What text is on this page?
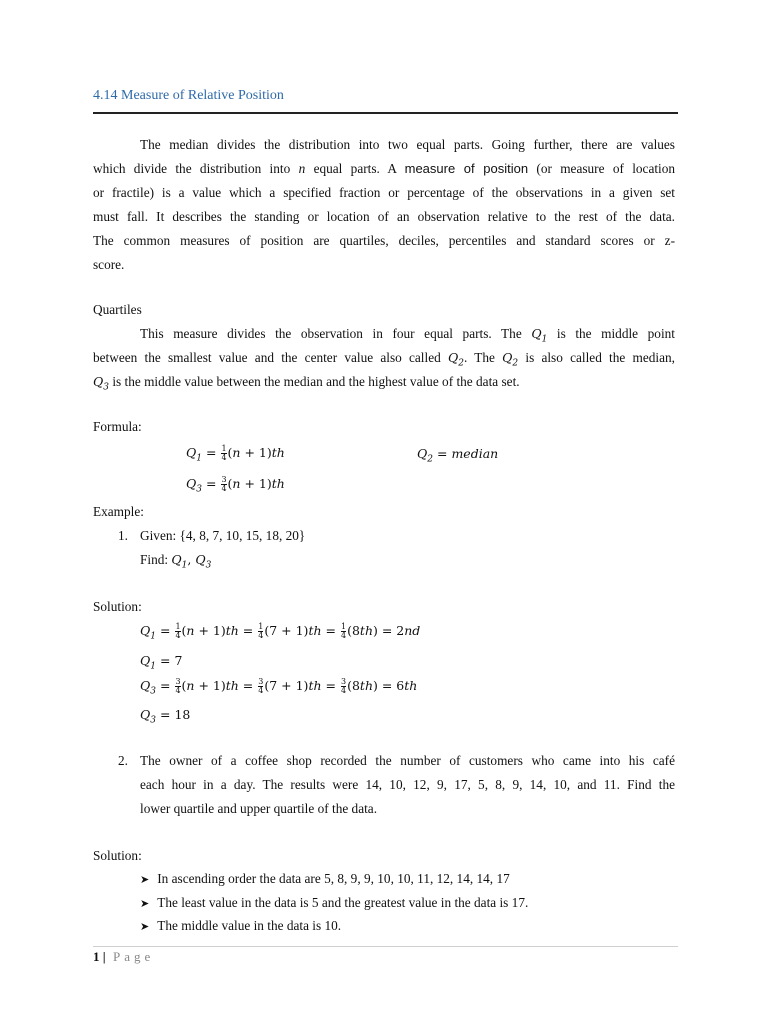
4.14 Measure of Relative Position
The median divides the distribution into two equal parts. Going further, there are values
which divide the distribution into n equal parts. A measure of position (or measure of location
or fractile) is a value which a specified fraction or percentage of the observations in a given set
must fall. It describes the standing or location of an observation relative to the rest of the data.
The common measures of position are quartiles, deciles, percentiles and standard scores or z-
score.
Quartiles
This measure divides the observation in four equal parts. The $Q_1$ is the middle point
between the smallest value and the center value also called $Q_2$. The $Q_2$ is also called the median,
$Q_3$ is the middle value between the median and the highest value of the data set.
Formula:
$Q_1 = \frac{1}{4} (n + 1)th$	$Q_2$ = median
$Q_3 = \frac{3}{4} (n + 1)th$
Example:
1. Given: {4, 8, 7, 10, 15, 18, 20}
Find: $Q_1$, $Q_3$
Solution:
$Q_1 = \frac{1}{4} (n + 1)th = \frac{1}{4} (7 + 1)th = \frac{1}{4} (8th) = 2nd$
$Q_1 = 7$
$Q_3 = \frac{3}{4} (n + 1)th = \frac{3}{4} (7 + 1)th = \frac{3}{4} (8th) = 6th$
$Q_3 = 18$
2. The owner of a coffee shop recorded the number of customers who came into his café
each hour in a day. The results were 14, 10, 12, 9, 17, 5, 8, 9, 14, 10, and 11. Find the
lower quartile and upper quartile of the data.
Solution:
➤ In ascending order the data are 5, 8, 9, 9, 10, 10, 11, 12, 14, 14, 17
➤ The least value in the data is 5 and the greatest value in the data is 17.
➤ The middle value in the data is 10.
1 | Page
